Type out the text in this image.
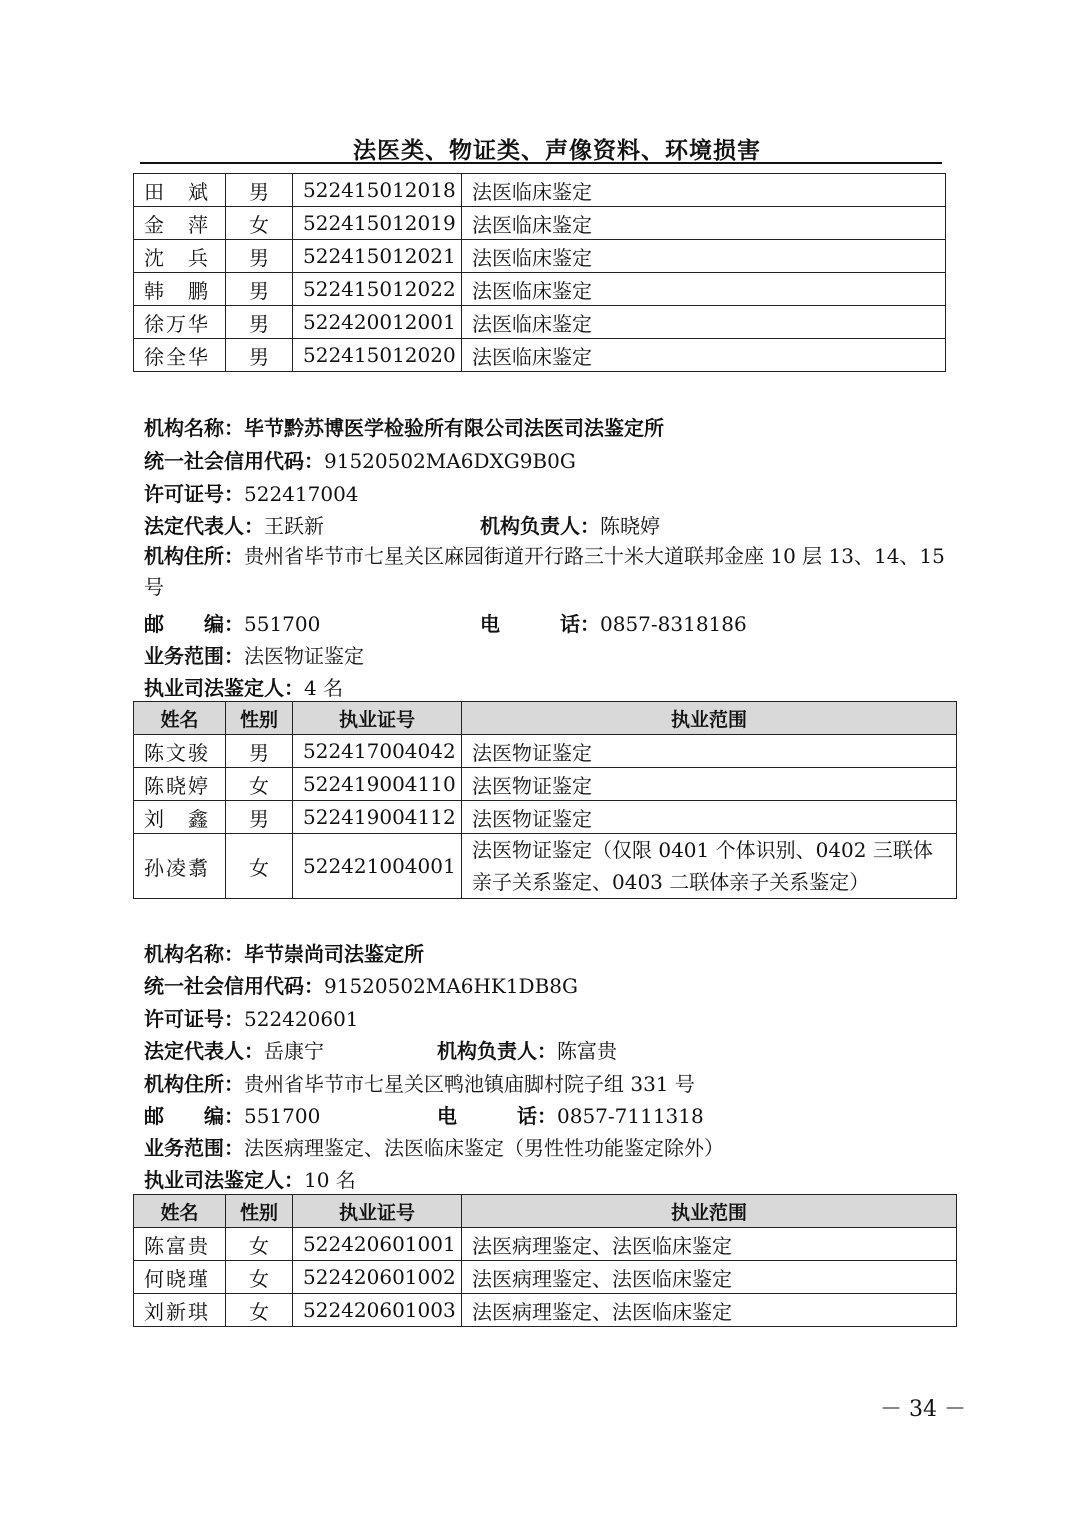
法医类、物证类、声像资料、环境损害
田　斌	男	522415012018	法医临床鉴定
金　萍	女	522415012019	法医临床鉴定
沈　兵	男	522415012021	法医临床鉴定
韩　鹏	男	522415012022	法医临床鉴定
徐万华	男	522420012001	法医临床鉴定
徐全华	男	522415012020	法医临床鉴定
机构名称：毕节黔苏博医学检验所有限公司法医司法鉴定所
统一社会信用代码：91520502MA6DXG9B0G
许可证号：522417004
法定代表人：王跃新	机构负责人：陈晓婷
机构住所：贵州省毕节市七星关区麻园街道开行路三十米大道联邦金座 10 层 13、14、15 号
邮　　编：551700	电　　　话：0857-8318186
业务范围：法医物证鉴定
执业司法鉴定人：4 名
姓名	性别	执业证号	执业范围
陈文骏	男	522417004042	法医物证鉴定
陈晓婷	女	522419004110	法医物证鉴定
刘　鑫	男	522419004112	法医物证鉴定
孙凌翥	女	522421004001	法医物证鉴定（仅限 0401 个体识别、0402 三联体亲子关系鉴定、0403 二联体亲子关系鉴定）
机构名称：毕节崇尚司法鉴定所
统一社会信用代码：91520502MA6HK1DB8G
许可证号：522420601
法定代表人：岳康宁	机构负责人：陈富贵
机构住所：贵州省毕节市七星关区鸭池镇庙脚村院子组 331 号
邮　　编：551700	电　　　话：0857-7111318
业务范围：法医病理鉴定、法医临床鉴定（男性性功能鉴定除外）
执业司法鉴定人：10 名
姓名	性别	执业证号	执业范围
陈富贵	女	522420601001	法医病理鉴定、法医临床鉴定
何晓瑾	女	522420601002	法医病理鉴定、法医临床鉴定
刘新琪	女	522420601003	法医病理鉴定、法医临床鉴定
－ 34 －
